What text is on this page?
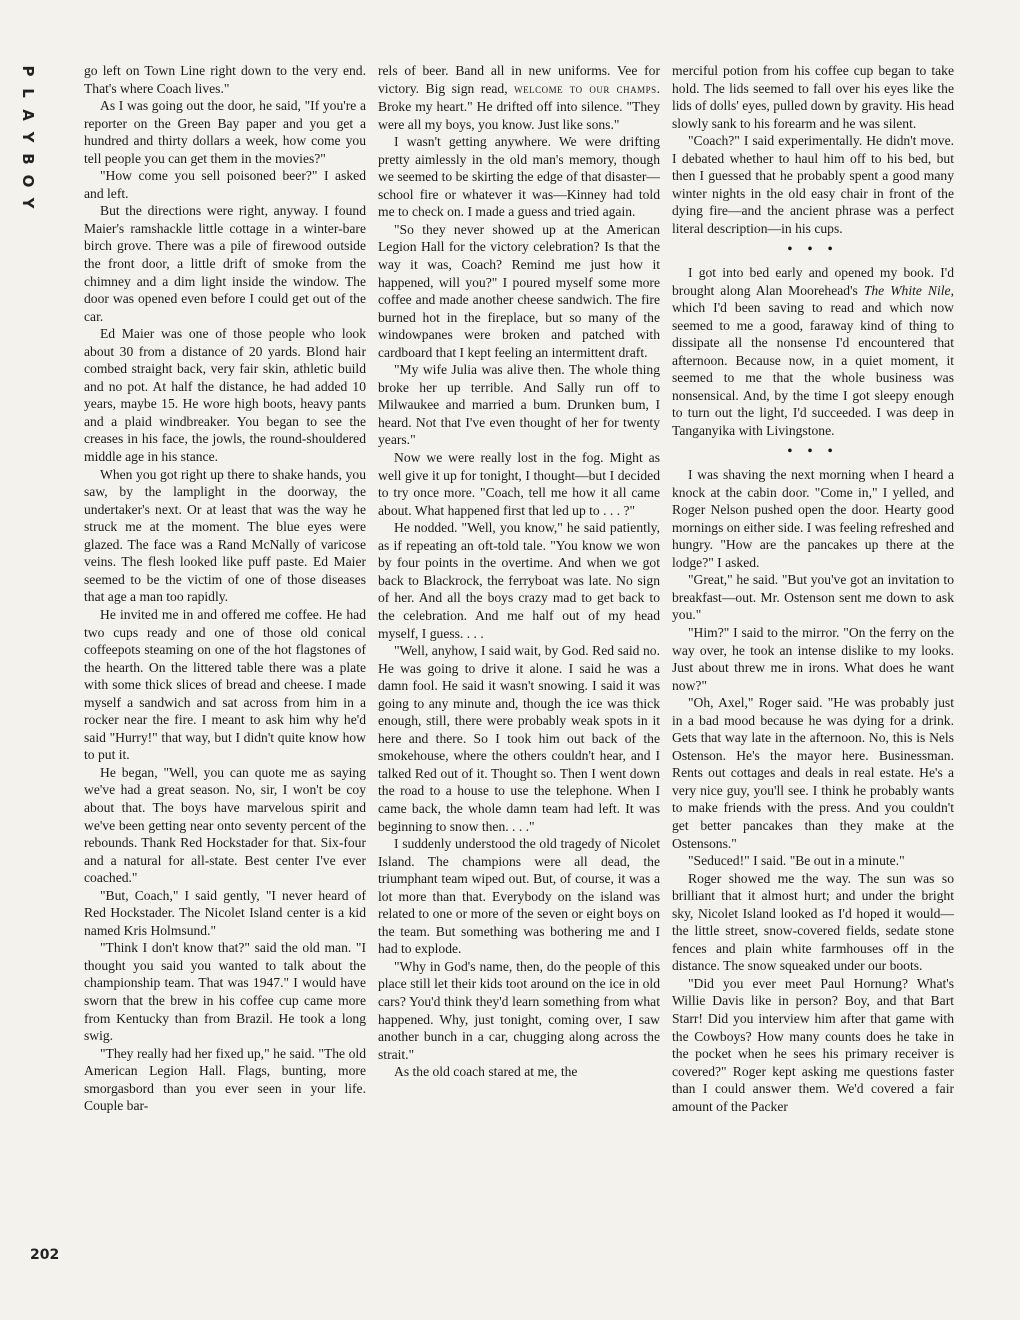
P
L
A
Y
B
O
Y
202

go left on Town Line right down to the very end. That's where Coach lives."

As I was going out the door, he said, "If you're a reporter on the Green Bay paper and you get a hundred and thirty dollars a week, how come you tell people you can get them in the movies?"

"How come you sell poisoned beer?" I asked and left.

But the directions were right, anyway. I found Maier's ramshackle little cottage in a winter-bare birch grove. There was a pile of firewood outside the front door, a little drift of smoke from the chimney and a dim light inside the window. The door was opened even before I could get out of the car.

Ed Maier was one of those people who look about 30 from a distance of 20 yards. Blond hair combed straight back, very fair skin, athletic build and no pot. At half the distance, he had added 10 years, maybe 15. He wore high boots, heavy pants and a plaid windbreaker. You began to see the creases in his face, the jowls, the round-shouldered middle age in his stance.

When you got right up there to shake hands, you saw, by the lamplight in the doorway, the undertaker's next. Or at least that was the way he struck me at the moment. The blue eyes were glazed. The face was a Rand McNally of varicose veins. The flesh looked like puff paste. Ed Maier seemed to be the victim of one of those diseases that age a man too rapidly.

He invited me in and offered me coffee. He had two cups ready and one of those old conical coffeepots steaming on one of the hot flagstones of the hearth. On the littered table there was a plate with some thick slices of bread and cheese. I made myself a sandwich and sat across from him in a rocker near the fire. I meant to ask him why he'd said "Hurry!" that way, but I didn't quite know how to put it.

He began, "Well, you can quote me as saying we've had a great season. No, sir, I won't be coy about that. The boys have marvelous spirit and we've been getting near onto seventy percent of the rebounds. Thank Red Hockstader for that. Six-four and a natural for all-state. Best center I've ever coached."

"But, Coach," I said gently, "I never heard of Red Hockstader. The Nicolet Island center is a kid named Kris Holmsund."

"Think I don't know that?" said the old man. "I thought you said you wanted to talk about the championship team. That was 1947." I would have sworn that the brew in his coffee cup came more from Kentucky than from Brazil. He took a long swig.

"They really had her fixed up," he said. "The old American Legion Hall. Flags, bunting, more smorgasbord than you ever seen in your life. Couple bar-

rels of beer. Band all in new uniforms. Vee for victory. Big sign read, welcome to our champs. Broke my heart." He drifted off into silence. "They were all my boys, you know. Just like sons."

I wasn't getting anywhere. We were drifting pretty aimlessly in the old man's memory, though we seemed to be skirting the edge of that disaster—school fire or whatever it was—Kinney had told me to check on. I made a guess and tried again.

"So they never showed up at the American Legion Hall for the victory celebration? Is that the way it was, Coach? Remind me just how it happened, will you?" I poured myself some more coffee and made another cheese sandwich. The fire burned hot in the fireplace, but so many of the windowpanes were broken and patched with cardboard that I kept feeling an intermittent draft.

"My wife Julia was alive then. The whole thing broke her up terrible. And Sally run off to Milwaukee and married a bum. Drunken bum, I heard. Not that I've even thought of her for twenty years."

Now we were really lost in the fog. Might as well give it up for tonight, I thought—but I decided to try once more. "Coach, tell me how it all came about. What happened first that led up to . . . ?"

He nodded. "Well, you know," he said patiently, as if repeating an oft-told tale. "You know we won by four points in the overtime. And when we got back to Blackrock, the ferryboat was late. No sign of her. And all the boys crazy mad to get back to the celebration. And me half out of my head myself, I guess. . . .

"Well, anyhow, I said wait, by God. Red said no. He was going to drive it alone. I said he was a damn fool. He said it wasn't snowing. I said it was going to any minute and, though the ice was thick enough, still, there were probably weak spots in it here and there. So I took him out back of the smokehouse, where the others couldn't hear, and I talked Red out of it. Thought so. Then I went down the road to a house to use the telephone. When I came back, the whole damn team had left. It was beginning to snow then. . . ."

I suddenly understood the old tragedy of Nicolet Island. The champions were all dead, the triumphant team wiped out. But, of course, it was a lot more than that. Everybody on the island was related to one or more of the seven or eight boys on the team. But something was bothering me and I had to explode.

"Why in God's name, then, do the people of this place still let their kids toot around on the ice in old cars? You'd think they'd learn something from what happened. Why, just tonight, coming over, I saw another bunch in a car, chugging along across the strait."

As the old coach stared at me, the

merciful potion from his coffee cup began to take hold. The lids seemed to fall over his eyes like the lids of dolls' eyes, pulled down by gravity. His head slowly sank to his forearm and he was silent.

"Coach?" I said experimentally. He didn't move. I debated whether to haul him off to his bed, but then I guessed that he probably spent a good many winter nights in the old easy chair in front of the dying fire—and the ancient phrase was a perfect literal description—in his cups.

• • •

I got into bed early and opened my book. I'd brought along Alan Moorehead's The White Nile, which I'd been saving to read and which now seemed to me a good, faraway kind of thing to dissipate all the nonsense I'd encountered that afternoon. Because now, in a quiet moment, it seemed to me that the whole business was nonsensical. And, by the time I got sleepy enough to turn out the light, I'd succeeded. I was deep in Tanganyika with Livingstone.

• • •

I was shaving the next morning when I heard a knock at the cabin door. "Come in," I yelled, and Roger Nelson pushed open the door. Hearty good mornings on either side. I was feeling refreshed and hungry. "How are the pancakes up there at the lodge?" I asked.

"Great," he said. "But you've got an invitation to breakfast—out. Mr. Ostenson sent me down to ask you."

"Him?" I said to the mirror. "On the ferry on the way over, he took an intense dislike to my looks. Just about threw me in irons. What does he want now?"

"Oh, Axel," Roger said. "He was probably just in a bad mood because he was dying for a drink. Gets that way late in the afternoon. No, this is Nels Ostenson. He's the mayor here. Businessman. Rents out cottages and deals in real estate. He's a very nice guy, you'll see. I think he probably wants to make friends with the press. And you couldn't get better pancakes than they make at the Ostensons."

"Seduced!" I said. "Be out in a minute."

Roger showed me the way. The sun was so brilliant that it almost hurt; and under the bright sky, Nicolet Island looked as I'd hoped it would—the little street, snow-covered fields, sedate stone fences and plain white farmhouses off in the distance. The snow squeaked under our boots.

"Did you ever meet Paul Hornung? What's Willie Davis like in person? Boy, and that Bart Starr! Did you interview him after that game with the Cowboys? How many counts does he take in the pocket when he sees his primary receiver is covered?" Roger kept asking me questions faster than I could answer them. We'd covered a fair amount of the Packer
